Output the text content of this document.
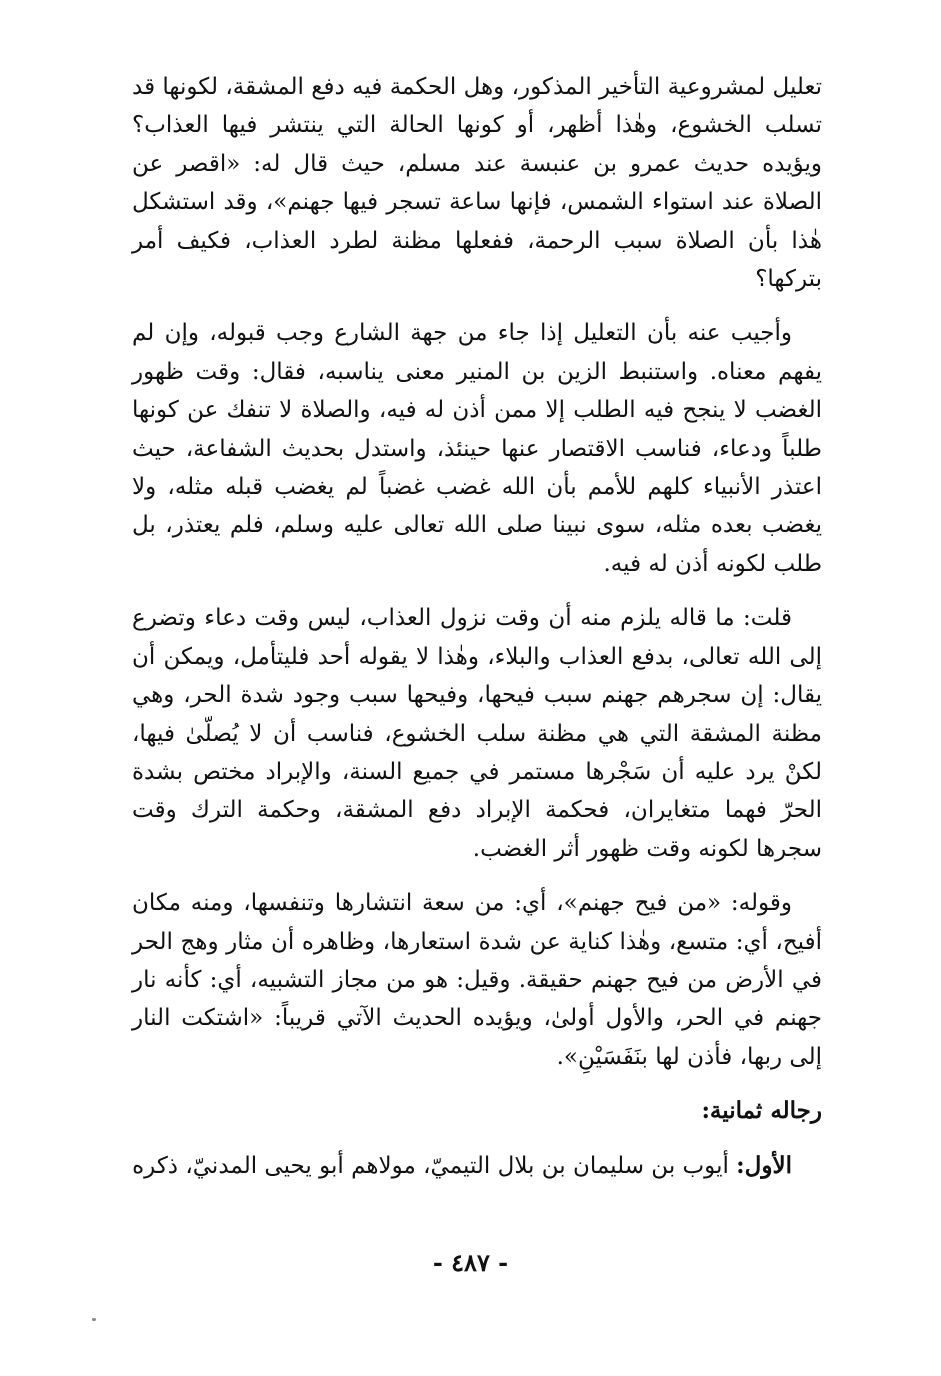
تعليل لمشروعية التأخير المذكور، وهل الحكمة فيه دفع المشقة، لكونها قد تسلب الخشوع، وهٰذا أظهر، أو كونها الحالة التي ينتشر فيها العذاب؟ ويؤيده حديث عمرو بن عنبسة عند مسلم، حيث قال له: «اقصر عن الصلاة عند استواء الشمس، فإنها ساعة تسجر فيها جهنم»، وقد استشكل هٰذا بأن الصلاة سبب الرحمة، ففعلها مظنة لطرد العذاب، فكيف أمر بتركها؟

وأجيب عنه بأن التعليل إذا جاء من جهة الشارع وجب قبوله، وإن لم يفهم معناه. واستنبط الزين بن المنير معنى يناسبه، فقال: وقت ظهور الغضب لا ينجح فيه الطلب إلا ممن أذن له فيه، والصلاة لا تنفك عن كونها طلباً ودعاء، فناسب الاقتصار عنها حينئذ، واستدل بحديث الشفاعة، حيث اعتذر الأنبياء كلهم للأمم بأن الله غضب غضباً لم يغضب قبله مثله، ولا يغضب بعده مثله، سوى نبينا صلى الله تعالى عليه وسلم، فلم يعتذر، بل طلب لكونه أذن له فيه.

قلت: ما قاله يلزم منه أن وقت نزول العذاب، ليس وقت دعاء وتضرع إلى الله تعالى، بدفع العذاب والبلاء، وهٰذا لا يقوله أحد فليتأمل، ويمكن أن يقال: إن سجرهم جهنم سبب فيحها، وفيحها سبب وجود شدة الحر، وهي مظنة المشقة التي هي مظنة سلب الخشوع، فناسب أن لا يُصلّىٰ فيها، لكنْ يرد عليه أن سَجْرها مستمر في جميع السنة، والإبراد مختص بشدة الحرّ فهما متغايران، فحكمة الإبراد دفع المشقة، وحكمة الترك وقت سجرها لكونه وقت ظهور أثر الغضب.

وقوله: «من فيح جهنم»، أي: من سعة انتشارها وتنفسها، ومنه مكان أفيح، أي: متسع، وهٰذا كناية عن شدة استعارها، وظاهره أن مثار وهج الحر في الأرض من فيح جهنم حقيقة. وقيل: هو من مجاز التشبيه، أي: كأنه نار جهنم في الحر، والأول أولىٰ، ويؤيده الحديث الآتي قريباً: «اشتكت النار إلى ربها، فأذن لها بنَفَسَيْنِ».

رجاله ثمانية:

الأول: أيوب بن سليمان بن بلال التيميّ، مولاهم أبو يحيى المدنيّ، ذكره

- ٤٨٧ -
